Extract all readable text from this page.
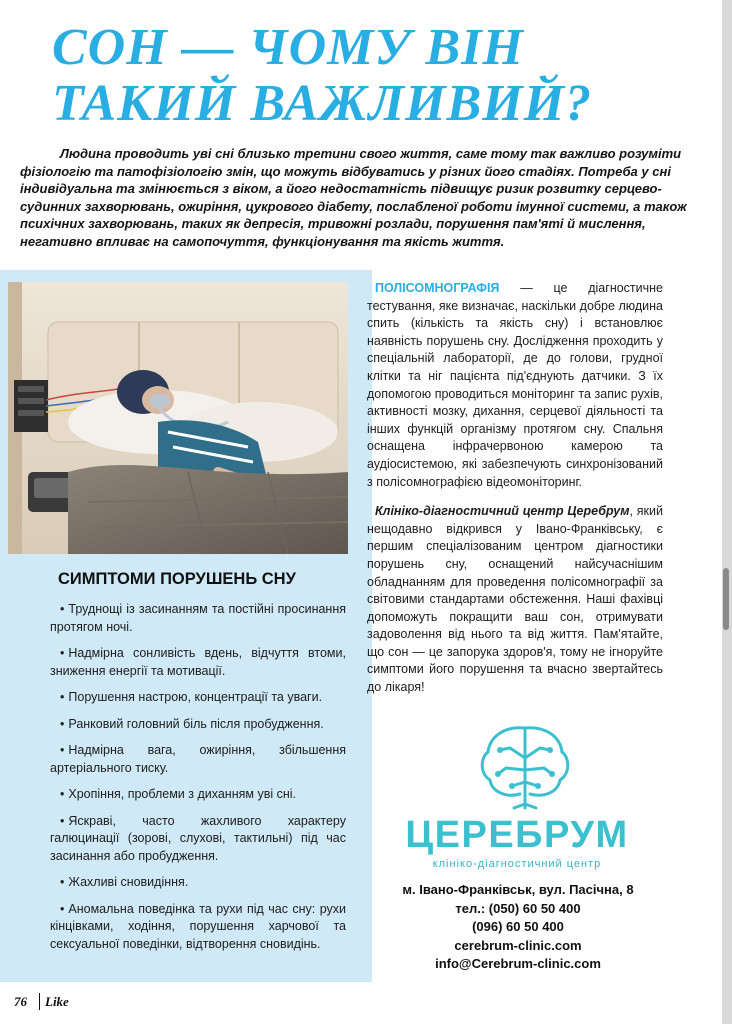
СОН — ЧОМУ ВІН
ТАКИЙ ВАЖЛИВИЙ?

Людина проводить уві сні близько третини свого життя, саме тому так важливо розуміти фізіологію та патофізіологію змін, що можуть відбуватись у різних його стадіях. Потреба у сні індивідуальна та змінюється з віком, а його недостатність підвищує ризик розвитку серцево-судинних захворювань, ожиріння, цукрового діабету, послабленої роботи імунної системи, а також психічних захворювань, таких як депресія, тривожні розлади, порушення пам'яті й мислення, негативно впливає на самопочуття, функціонування та якість життя.

СИМПТОМИ ПОРУШЕНЬ СНУ
• Труднощі із засинанням та постійні просинання протягом ночі.
• Надмірна сонливість вдень, відчуття втоми, зниження енергії та мотивації.
• Порушення настрою, концентрації та уваги.
• Ранковий головний біль після пробудження.
• Надмірна вага, ожиріння, збільшення артеріального тиску.
• Хропіння, проблеми з диханням уві сні.
• Яскраві, часто жахливого характеру галюцинації (зорові, слухові, тактильні) під час засинання або пробудження.
• Жахливі сновидіння.
• Аномальна поведінка та рухи під час сну: рухи кінцівками, ходіння, порушення харчової та сексуальної поведінки, відтворення сновидінь.

ПОЛІСОМНОГРАФІЯ — це діагностичне тестування, яке визначає, наскільки добре людина спить (кількість та якість сну) і встановлює наявність порушень сну. Дослідження проходить у спеціальній лабораторії, де до голови, грудної клітки та ніг пацієнта під'єднують датчики. З їх допомогою проводиться моніторинг та запис рухів, активності мозку, дихання, серцевої діяльності та інших функцій організму протягом сну. Спальня оснащена інфрачервоною камерою та аудіосистемою, які забезпечують синхронізований з полісомнографією відеомоніторинг.

Клініко-діагностичний центр Церебрум, який нещодавно відкрився у Івано-Франківську, є першим спеціалізованим центром діагностики порушень сну, оснащений найсучаснішим обладнанням для проведення полісомнографії за світовими стандартами обстеження. Наші фахівці допоможуть покращити ваш сон, отримувати задоволення від нього та від життя. Пам'ятайте, що сон — це запорука здоров'я, тому не ігноруйте симптоми його порушення та вчасно звертайтесь до лікаря!

ЦЕРЕБРУМ
клініко-діагностичний центр
м. Івано-Франківськ, вул. Пасічна, 8
тел.: (050) 60 50 400
(096) 60 50 400
cerebrum-clinic.com
info@Cerebrum-clinic.com
76 Like
